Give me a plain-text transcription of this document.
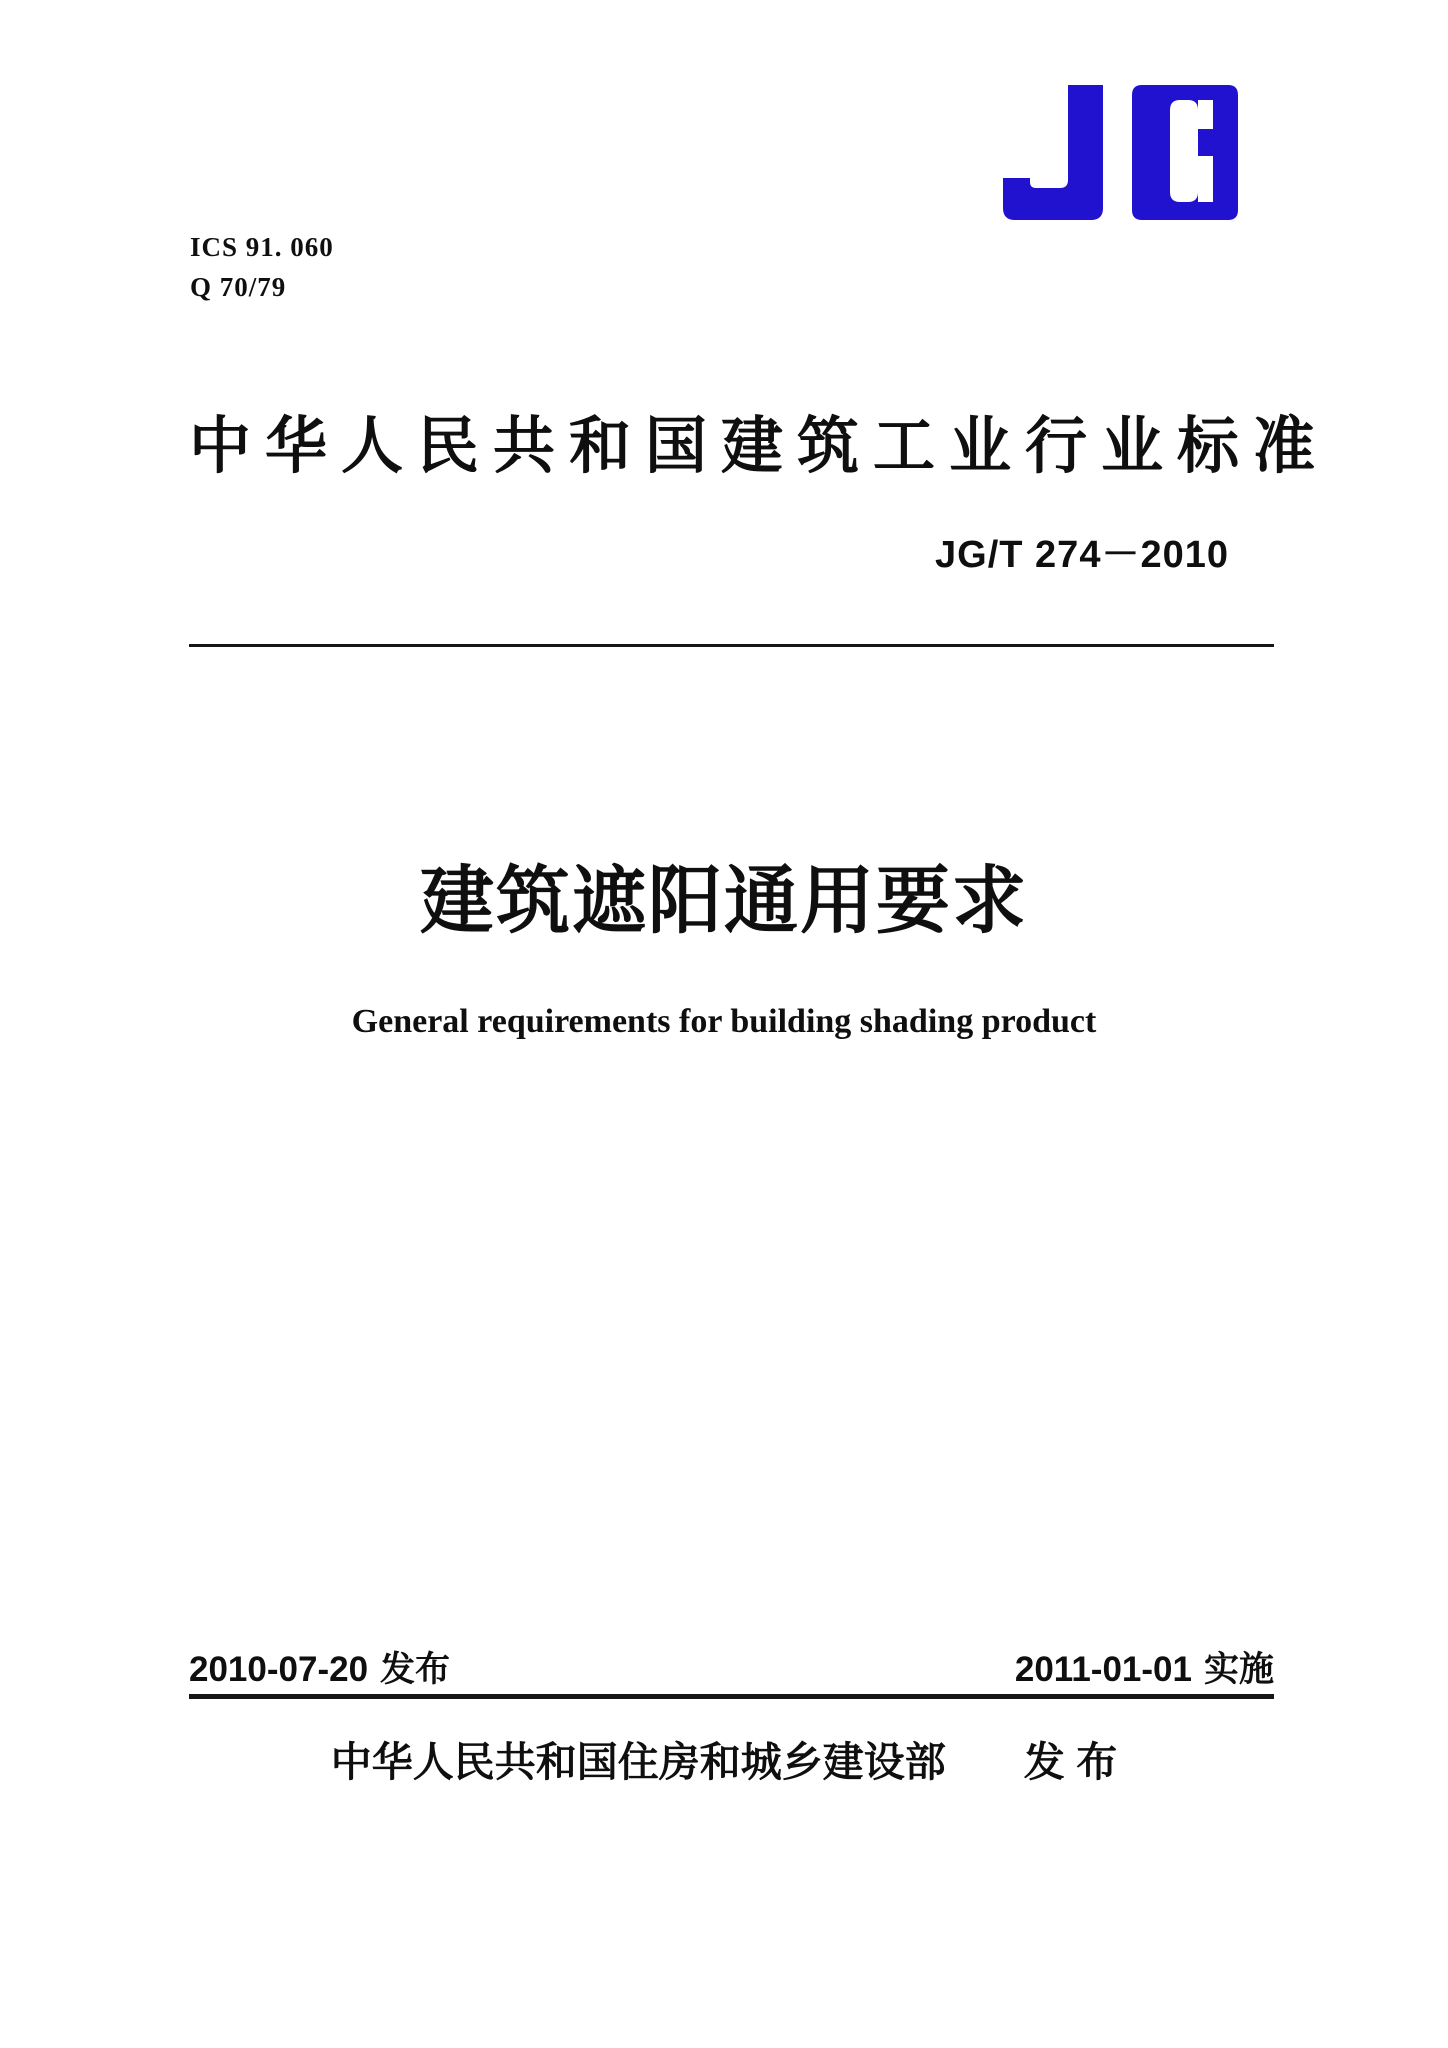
ICS 91. 060
Q 70/79
中华人民共和国建筑工业行业标准
JG/T 274－2010
建筑遮阳通用要求
General requirements for building shading product
2010-07-20 发布	2011-01-01 实施
中华人民共和国住房和城乡建设部 发 布
